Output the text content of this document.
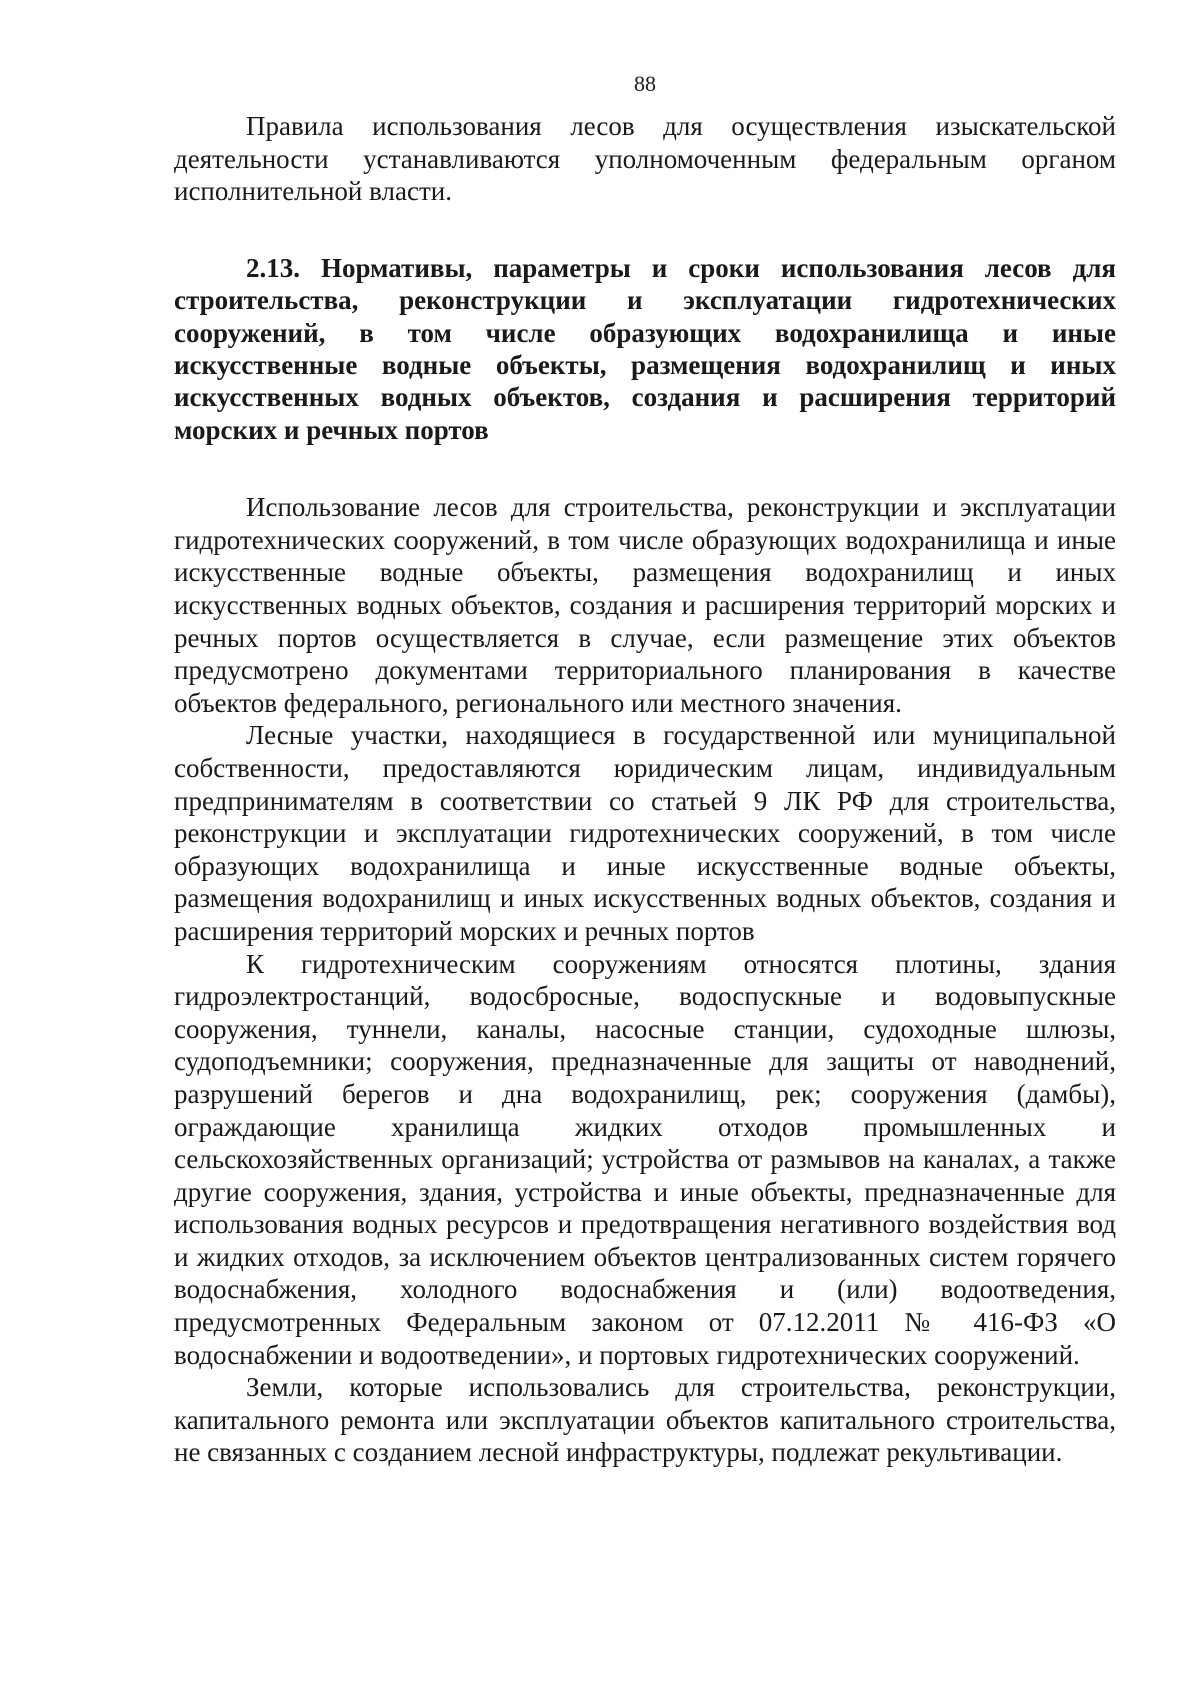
88

Правила использования лесов для осуществления изыскательской деятельности устанавливаются уполномоченным федеральным органом исполнительной власти.

2.13. Нормативы, параметры и сроки использования лесов для строительства, реконструкции и эксплуатации гидротехнических сооружений, в том числе образующих водохранилища и иные искусственные водные объекты, размещения водохранилищ и иных искусственных водных объектов, создания и расширения территорий морских и речных портов

Использование лесов для строительства, реконструкции и эксплуатации гидротехнических сооружений, в том числе образующих водохранилища и иные искусственные водные объекты, размещения водохранилищ и иных искусственных водных объектов, создания и расширения территорий морских и речных портов осуществляется в случае, если размещение этих объектов предусмотрено документами территориального планирования в качестве объектов федерального, регионального или местного значения.

Лесные участки, находящиеся в государственной или муниципальной собственности, предоставляются юридическим лицам, индивидуальным предпринимателям в соответствии со статьей 9 ЛК РФ для строительства, реконструкции и эксплуатации гидротехнических сооружений, в том числе образующих водохранилища и иные искусственные водные объекты, размещения водохранилищ и иных искусственных водных объектов, создания и расширения территорий морских и речных портов

К гидротехническим сооружениям относятся плотины, здания гидроэлектростанций, водосбросные, водоспускные и водовыпускные сооружения, туннели, каналы, насосные станции, судоходные шлюзы, судоподъемники; сооружения, предназначенные для защиты от наводнений, разрушений берегов и дна водохранилищ, рек; сооружения (дамбы), ограждающие хранилища жидких отходов промышленных и сельскохозяйственных организаций; устройства от размывов на каналах, а также другие сооружения, здания, устройства и иные объекты, предназначенные для использования водных ресурсов и предотвращения негативного воздействия вод и жидких отходов, за исключением объектов централизованных систем горячего водоснабжения, холодного водоснабжения и (или) водоотведения, предусмотренных Федеральным законом от 07.12.2011 № 416-ФЗ «О водоснабжении и водоотведении», и портовых гидротехнических сооружений.

Земли, которые использовались для строительства, реконструкции, капитального ремонта или эксплуатации объектов капитального строительства, не связанных с созданием лесной инфраструктуры, подлежат рекультивации.
